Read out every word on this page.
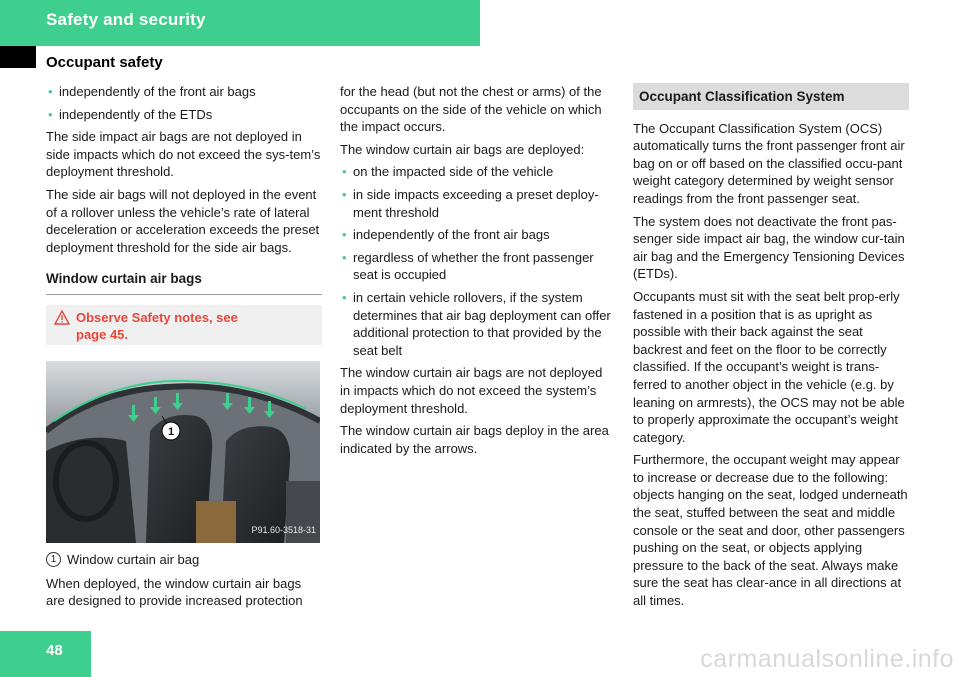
Safety and security
Occupant safety
• independently of the front air bags
• independently of the ETDs
The side impact air bags are not deployed in side impacts which do not exceed the sys-tem’s deployment threshold.
The side air bags will not deployed in the event of a rollover unless the vehicle’s rate of lateral deceleration or acceleration exceeds the preset deployment threshold for the side air bags.
Window curtain air bags
Observe Safety notes, see
page 45.
1
P91.60-3518-31
1 Window curtain air bag
When deployed, the window curtain air bags are designed to provide increased protection
for the head (but not the chest or arms) of the occupants on the side of the vehicle on which the impact occurs.
The window curtain air bags are deployed:
• on the impacted side of the vehicle
• in side impacts exceeding a preset deploy-ment threshold
• independently of the front air bags
• regardless of whether the front passenger seat is occupied
• in certain vehicle rollovers, if the system determines that air bag deployment can offer additional protection to that provided by the seat belt
The window curtain air bags are not deployed in impacts which do not exceed the system’s deployment threshold.
The window curtain air bags deploy in the area indicated by the arrows.
Occupant Classification System
The Occupant Classification System (OCS) automatically turns the front passenger front air bag on or off based on the classified occu-pant weight category determined by weight sensor readings from the front passenger seat.
The system does not deactivate the front pas-senger side impact air bag, the window cur-tain air bag and the Emergency Tensioning Devices (ETDs).
Occupants must sit with the seat belt prop-erly fastened in a position that is as upright as possible with their back against the seat backrest and feet on the floor to be correctly classified. If the occupant’s weight is trans-ferred to another object in the vehicle (e.g. by leaning on armrests), the OCS may not be able to properly approximate the occupant’s weight category.
Furthermore, the occupant weight may appear to increase or decrease due to the following: objects hanging on the seat, lodged underneath the seat, stuffed between the seat and middle console or the seat and door, other passengers pushing on the seat, or objects applying pressure to the back of the seat. Always make sure the seat has clear-ance in all directions at all times.
48	carmanualsonline.info
